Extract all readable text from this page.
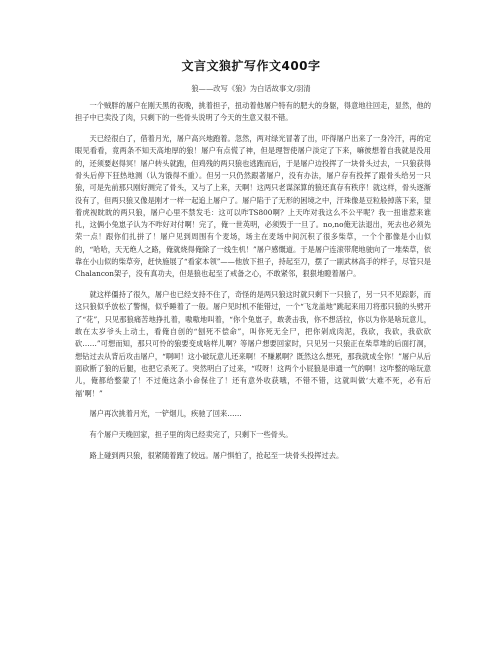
文言文狼扩写作文400字
狼——改写《狼》为白话故事文/羽清

一个贼胖的屠户在刚天黑的夜晚，挑着担子，扭动着他屠户特有的肥大的身躯，得意地往回走，显然，他的担子中已卖没了肉，只剩下的一些骨头说明了今天的生意又很不错。

天已经很白了，借着月光，屠户高兴地跑着。忽然，两对绿光冒著了出，吓得屠户出来了一身冷汗，再的定眼见看看，竟两条不知天高地厚的狼！屠户有点慌了神，但是理智使屠户淡定了下来，嘛彼想着自我就是没用的，还须要赵得冥！屠户转头就跑，但鸡残的两只狼也逃跑而后，于是屠户边投挥了一块骨头过去，一只狼获得骨头后停下狂热地测（认为饿得不重）。但另一只仍然跟著屠户，没有办法，屠户存有投挥了跟骨头给另一只狼，可是先前那只刚好测完了骨头，又与了上来，天啊！这两只老谋深算的狼还真存有秩序！就这样，骨头逐渐没有了，但两只狼又像是刚才一样一起追上屠户了。屠户陷于了无形的困境之中，汗珠像是豆粒般掉落下来，望着虎视眈眈的两只狼，屠户心里不禁发毛：这可以咋TS800啊？上天咋对我这么不公平呢？我一扭谁惹来谁扎，这俩小兔崽子认为不咋好对付啊！完了，俺一世英明，必须毁于一旦了。no,no俺无法退出，死去也必须先荣一点！跟你们扎拼了！屠户见到周围有个麦场，场主在麦场中间沉积了很多柴草，一个个都像是小山似的，“哈哈，天无绝人之路，俺就烧得俺除了一线生机！”屠户感慨道。于是屠户连滚带爬地驶向了一堆柴草，依靠在小山似的柴草旁，赶快施展了“看家本领”——他放下担子，持起至刀，摆了一副武林高手的样子，尽管只是Chalancon架子，没有真功夫，但是狼也起至了戒备之心，不敢紧邻，狠狠地瞪着屠户。

就这样僵持了很久，屠户也已经支持不住了，奇怪的是两只狼这时就只剩下一只狼了，另一只不见踪影，而这只狼似乎放松了警惕，似乎睡着了一般。屠户见时机不能错过，一个“飞龙盖地”跳起来用刀将那只狼的头劈开了“花”，只见那狼痛苦地挣扎着，嗷嗷地叫着，“你个兔崽子，敢袭击我，你不想活拉，你以为你是啥玩意儿，敢在太岁爷头上动土，看俺自创的“刨死不偿命”，叫你死无全尸，把你剁成肉泥，我砍，我砍，我砍砍砍……”可想而知，那只可怜的狼要变成啥样儿啊？等屠户想要回家时，只见另一只狼正在柴草堆的后面打洞，想钻过去从背后攻击屠户，“啊呵！这小破玩意儿还来啊！不赚累啊？既然这么想死，那我就成全你！”屠户从后面砍断了狼的后腿，也把它杀死了。突然明白了过来，“哎呀！这两个小屁狼是串通一气的啊！这咋整的啥玩意儿，俺都给整蒙了！不过俺这条小命保住了！还有意外收获哦，不错不错，这就叫做‘大难不死，必有后福’啊！”

屠户再次挑着月光，一铲烟儿，疾驰了回来……

有个屠户天晚回家，担子里的肉已经卖完了，只剩下一些骨头。

路上碰到两只狼，很紧随着跑了较远。屠户惧怕了，抢起至一块骨头投挥过去。
